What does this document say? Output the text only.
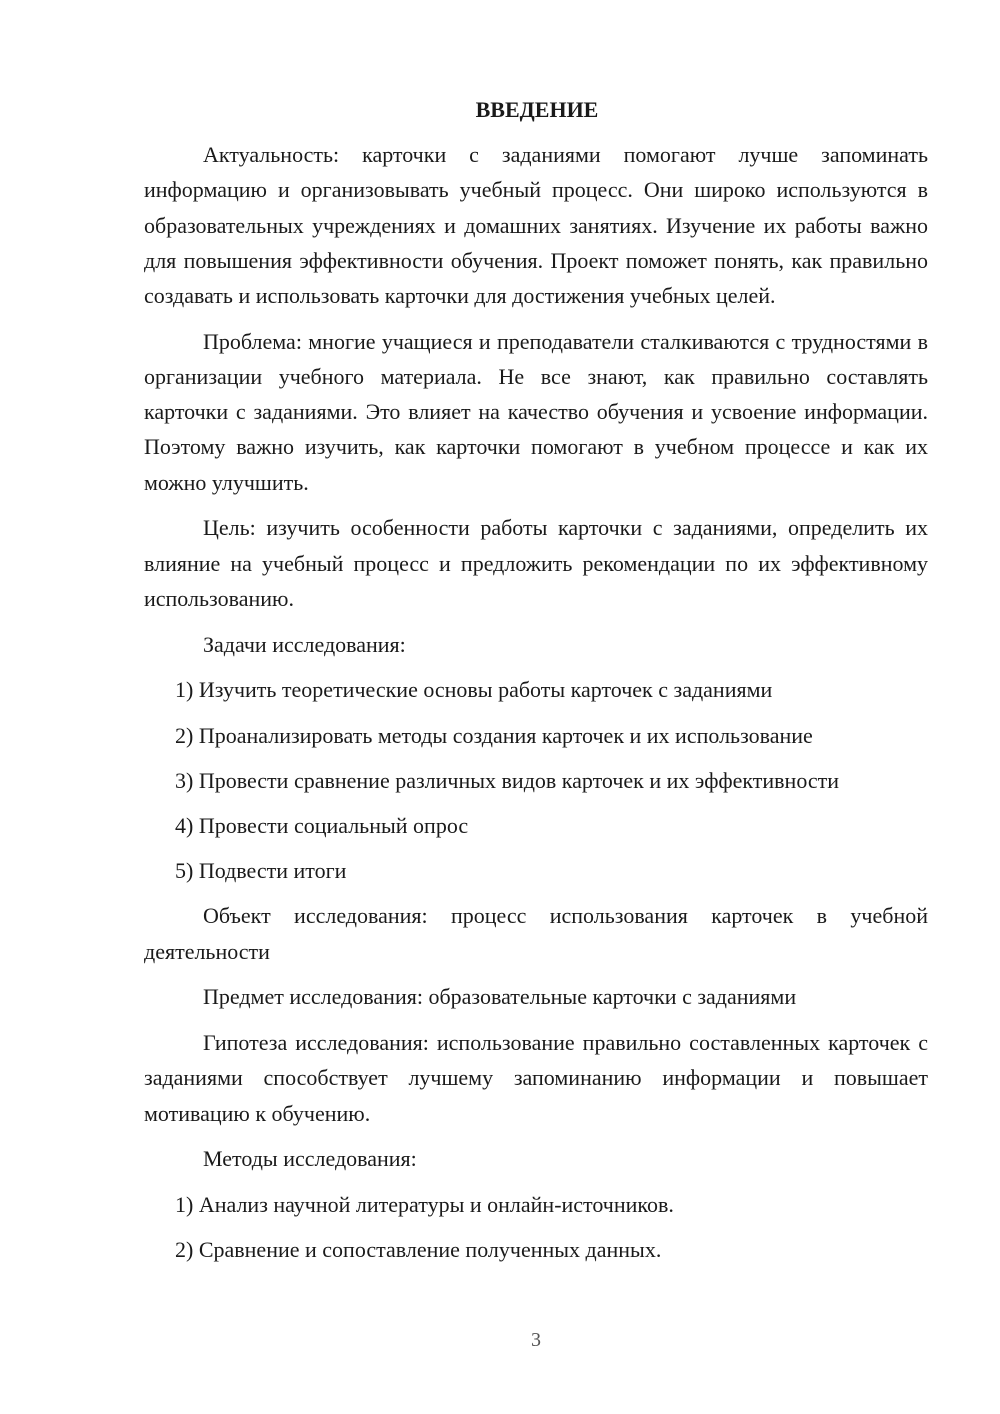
ВВЕДЕНИЕ

Актуальность: карточки с заданиями помогают лучше запоминать информацию и организовывать учебный процесс. Они широко используются в образовательных учреждениях и домашних занятиях. Изучение их работы важно для повышения эффективности обучения. Проект поможет понять, как правильно создавать и использовать карточки для достижения учебных целей.

Проблема: многие учащиеся и преподаватели сталкиваются с трудностями в организации учебного материала. Не все знают, как правильно составлять карточки с заданиями. Это влияет на качество обучения и усвоение информации. Поэтому важно изучить, как карточки помогают в учебном процессе и как их можно улучшить.

Цель: изучить особенности работы карточки с заданиями, определить их влияние на учебный процесс и предложить рекомендации по их эффективному использованию.

Задачи исследования:

1) Изучить теоретические основы работы карточек с заданиями
2) Проанализировать методы создания карточек и их использование
3) Провести сравнение различных видов карточек и их эффективности
4) Провести социальный опрос
5) Подвести итоги

Объект исследования: процесс использования карточек в учебной деятельности

Предмет исследования: образовательные карточки с заданиями

Гипотеза исследования: использование правильно составленных карточек с заданиями способствует лучшему запоминанию информации и повышает мотивацию к обучению.

Методы исследования:

1) Анализ научной литературы и онлайн-источников.
2) Сравнение и сопоставление полученных данных.
3
